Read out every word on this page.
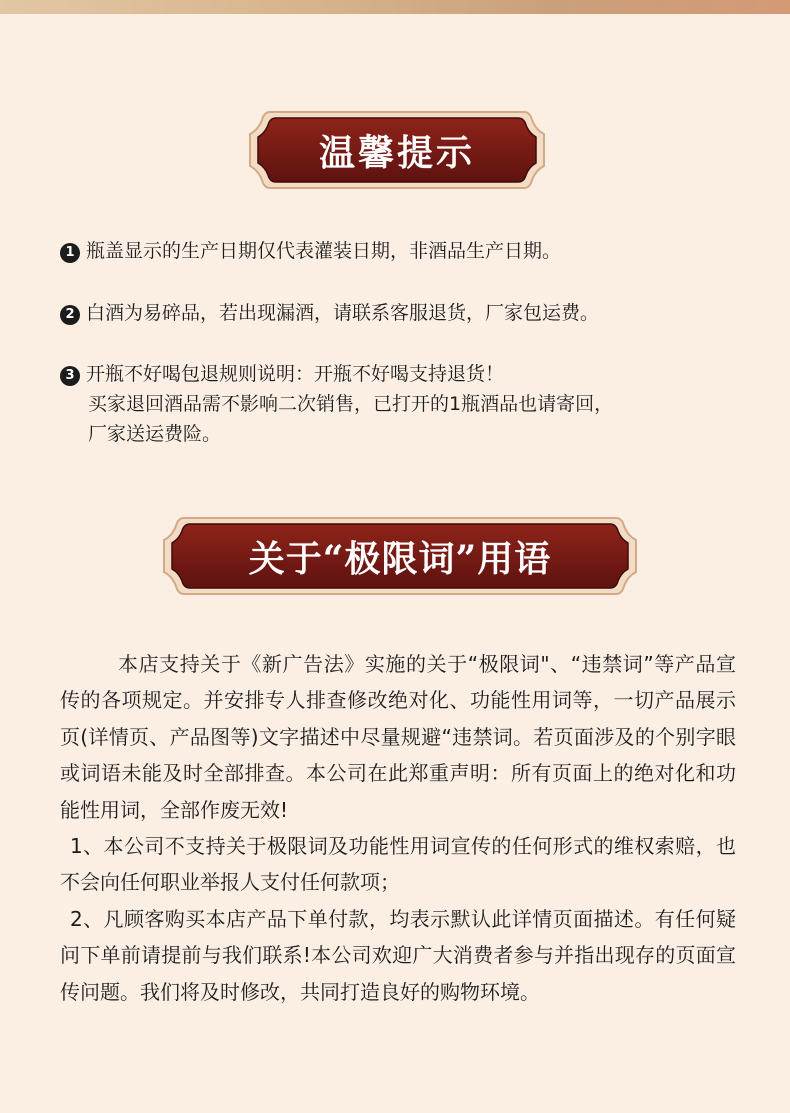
温馨提示
1 瓶盖显示的生产日期仅代表灌装日期，非酒品生产日期。
2 白酒为易碎品，若出现漏酒，请联系客服退货，厂家包运费。
3 开瓶不好喝包退规则说明：开瓶不好喝支持退货！
买家退回酒品需不影响二次销售，已打开的1瓶酒品也请寄回，
厂家送运费险。
关于“极限词”用语

本店支持关于《新广告法》实施的关于“极限词"、“违禁词”等产品宣传的各项规定。并安排专人排查修改绝对化、功能性用词等，一切产品展示页(详情页、产品图等)文字描述中尽量规避“违禁词。若页面涉及的个别字眼或词语未能及时全部排查。本公司在此郑重声明：所有页面上的绝对化和功能性用词，全部作废无效!

1、本公司不支持关于极限词及功能性用词宣传的任何形式的维权索赔，也不会向任何职业举报人支付任何款项；

2、凡顾客购买本店产品下单付款，均表示默认此详情页面描述。有任何疑问下单前请提前与我们联系!本公司欢迎广大消费者参与并指出现存的页面宣传问题。我们将及时修改，共同打造良好的购物环境。
